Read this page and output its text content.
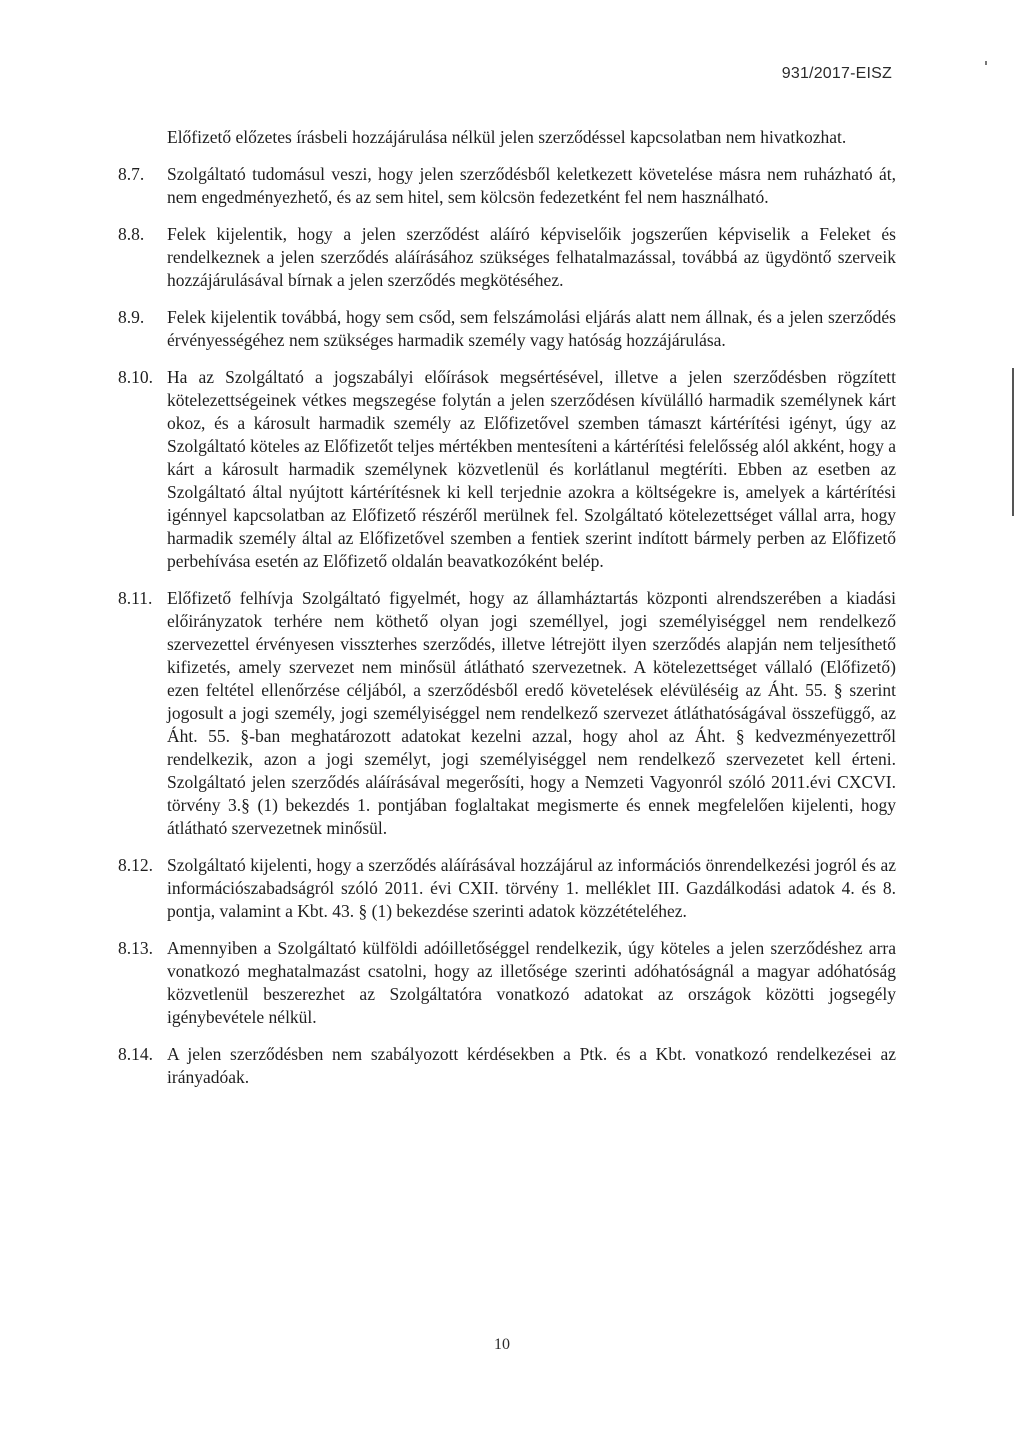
931/2017-EISZ
Előfizető előzetes írásbeli hozzájárulása nélkül jelen szerződéssel kapcsolatban nem hivatkozhat.
8.7.	Szolgáltató tudomásul veszi, hogy jelen szerződésből keletkezett követelése másra nem ruházható át, nem engedményezhető, és az sem hitel, sem kölcsön fedezetként fel nem használható.
8.8.	Felek kijelentik, hogy a jelen szerződést aláíró képviselőik jogszerűen képviselik a Feleket és rendelkeznek a jelen szerződés aláírásához szükséges felhatalmazással, továbbá az ügydöntő szerveik hozzájárulásával bírnak a jelen szerződés megkötéséhez.
8.9.	Felek kijelentik továbbá, hogy sem csőd, sem felszámolási eljárás alatt nem állnak, és a jelen szerződés érvényességéhez nem szükséges harmadik személy vagy hatóság hozzájárulása.
8.10. Ha az Szolgáltató a jogszabályi előírások megsértésével, illetve a jelen szerződésben rögzített kötelezettségeinek vétkes megszegése folytán a jelen szerződésen kívülálló harmadik személynek kárt okoz, és a károsult harmadik személy az Előfizetővel szemben támaszt kártérítési igényt, úgy az Szolgáltató köteles az Előfizetőt teljes mértékben mentesíteni a kártérítési felelősség alól akként, hogy a kárt a károsult harmadik személynek közvetlenül és korlátlanul megtéríti. Ebben az esetben az Szolgáltató által nyújtott kártérítésnek ki kell terjednie azokra a költségekre is, amelyek a kártérítési igénnyel kapcsolatban az Előfizető részéről merülnek fel. Szolgáltató kötelezettséget vállal arra, hogy harmadik személy által az Előfizetővel szemben a fentiek szerint indított bármely perben az Előfizető perbehívása esetén az Előfizető oldalán beavatkozóként belép.
8.11. Előfizető felhívja Szolgáltató figyelmét, hogy az államháztartás központi alrendszerében a kiadási előirányzatok terhére nem köthető olyan jogi személlyel, jogi személyiséggel nem rendelkező szervezettel érvényesen visszterhes szerződés, illetve létrejött ilyen szerződés alapján nem teljesíthető kifizetés, amely szervezet nem minősül átlátható szervezetnek. A kötelezettséget vállaló (Előfizető) ezen feltétel ellenőrzése céljából, a szerződésből eredő követelések elévüléséig az Áht. 55. § szerint jogosult a jogi személy, jogi személyiséggel nem rendelkező szervezet átláthatóságával összefüggő, az Áht. 55. §-ban meghatározott adatokat kezelni azzal, hogy ahol az Áht. § kedvezményezettről rendelkezik, azon a jogi személyt, jogi személyiséggel nem rendelkező szervezetet kell érteni. Szolgáltató jelen szerződés aláírásával megerősíti, hogy a Nemzeti Vagyonról szóló 2011.évi CXCVI. törvény 3.§ (1) bekezdés 1. pontjában foglaltakat megismerte és ennek megfelelően kijelenti, hogy átlátható szervezetnek minősül.
8.12. Szolgáltató kijelenti, hogy a szerződés aláírásával hozzájárul az információs önrendelkezési jogról és az információszabadságról szóló 2011. évi CXII. törvény 1. melléklet III. Gazdálkodási adatok 4. és 8. pontja, valamint a Kbt. 43. § (1) bekezdése szerinti adatok közzétételéhez.
8.13. Amennyiben a Szolgáltató külföldi adóilletőséggel rendelkezik, úgy köteles a jelen szerződéshez arra vonatkozó meghatalmazást csatolni, hogy az illetősége szerinti adóhatóságnál a magyar adóhatóság közvetlenül beszerezhet az Szolgáltatóra vonatkozó adatokat az országok közötti jogsegély igénybevétele nélkül.
8.14. A jelen szerződésben nem szabályozott kérdésekben a Ptk. és a Kbt. vonatkozó rendelkezései az irányadóak.
10
